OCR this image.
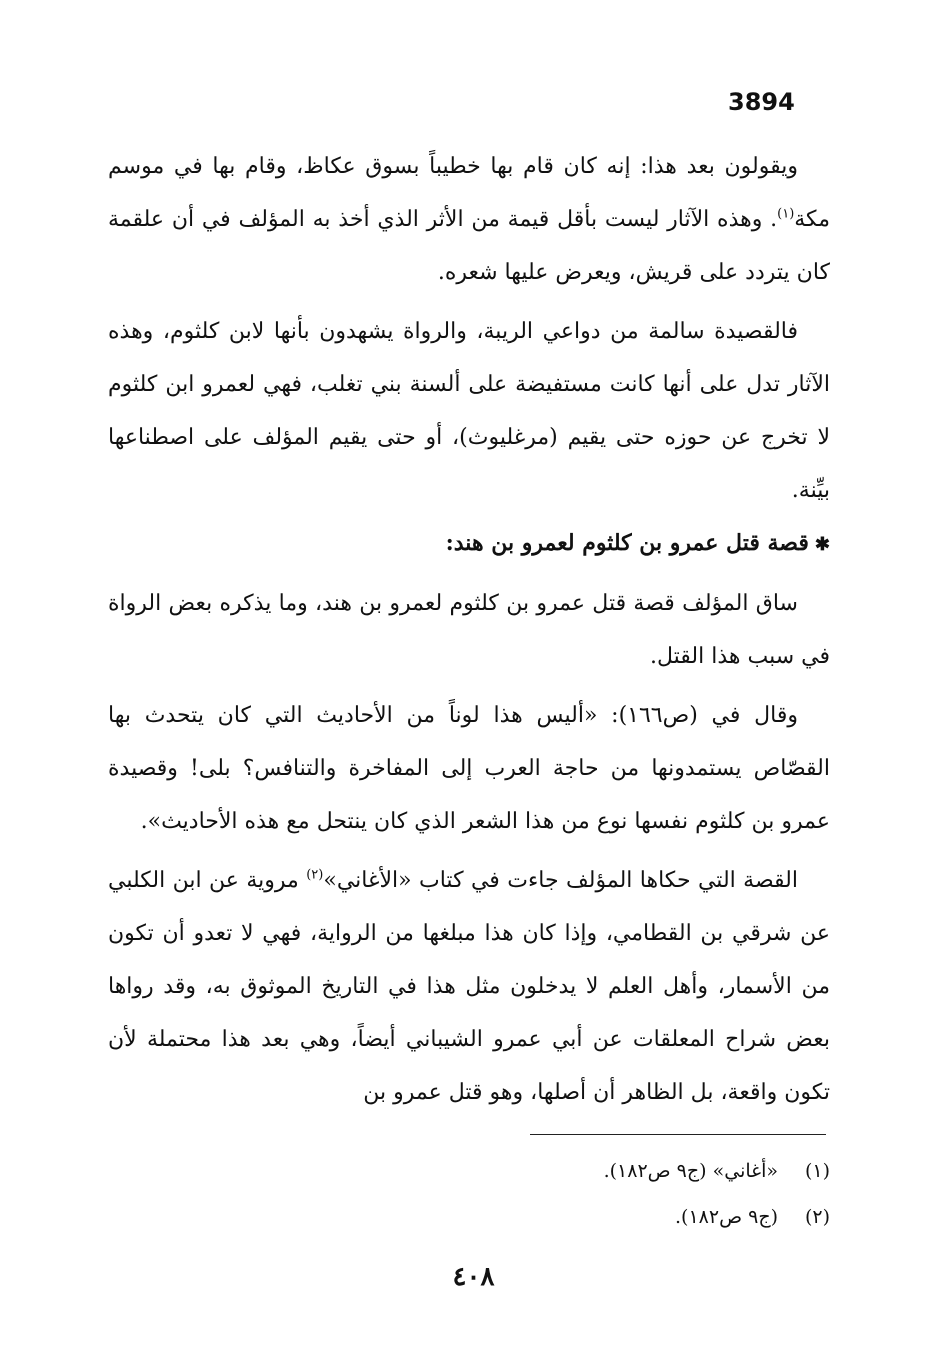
3894

ويقولون بعد هذا: إنه كان قام بها خطيباً بسوق عكاظ، وقام بها في موسم مكة$^{(١)}$. وهذه الآثار ليست بأقل قيمة من الأثر الذي أخذ به المؤلف في أن علقمة كان يتردد على قريش، ويعرض عليها شعره.

فالقصيدة سالمة من دواعي الريبة، والرواة يشهدون بأنها لابن كلثوم، وهذه الآثار تدل على أنها كانت مستفيضة على ألسنة بني تغلب، فهي لعمرو ابن كلثوم لا تخرج عن حوزه حتى يقيم (مرغليوث)، أو حتى يقيم المؤلف على اصطناعها بيِّنة.

✱قصة قتل عمرو بن كلثوم لعمرو بن هند:

ساق المؤلف قصة قتل عمرو بن كلثوم لعمرو بن هند، وما يذكره بعض الرواة في سبب هذا القتل.

وقال في (ص١٦٦): «أليس هذا لوناً من الأحاديث التي كان يتحدث بها القصّاص يستمدونها من حاجة العرب إلى المفاخرة والتنافس؟ بلى! وقصيدة عمرو بن كلثوم نفسها نوع من هذا الشعر الذي كان ينتحل مع هذه الأحاديث».

القصة التي حكاها المؤلف جاءت في كتاب «الأغاني»$^{(٢)}$ مروية عن ابن الكلبي عن شرقي بن القطامي، وإذا كان هذا مبلغها من الرواية، فهي لا تعدو أن تكون من الأسمار، وأهل العلم لا يدخلون مثل هذا في التاريخ الموثوق به، وقد رواها بعض شراح المعلقات عن أبي عمرو الشيباني أيضاً، وهي بعد هذا محتملة لأن تكون واقعة، بل الظاهر أن أصلها، وهو قتل عمرو بن

(١)«أغاني» (ج٩ ص١٨٢).

(٢)(ج٩ ص١٨٢).

٤٠٨
